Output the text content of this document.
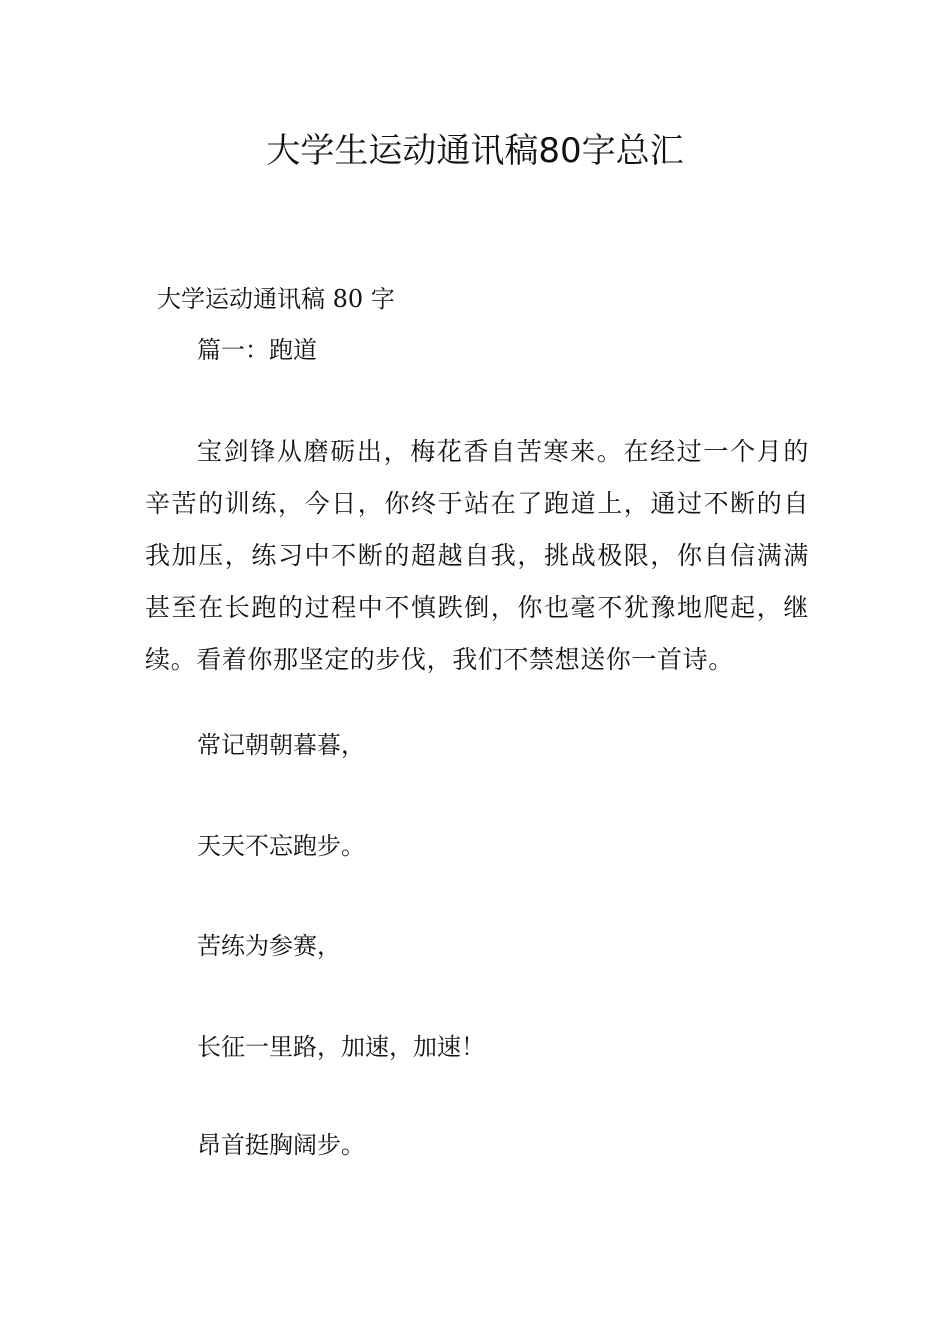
大学生运动通讯稿80字总汇

大学运动通讯稿 80 字

篇一：跑道

宝剑锋从磨砺出，梅花香自苦寒来。在经过一个月的辛苦的训练，今日，你终于站在了跑道上，通过不断的自我加压，练习中不断的超越自我，挑战极限，你自信满满甚至在长跑的过程中不慎跌倒，你也毫不犹豫地爬起，继续。看着你那坚定的步伐，我们不禁想送你一首诗。

常记朝朝暮暮，

天天不忘跑步。

苦练为参赛，

长征一里路，加速，加速！

昂首挺胸阔步。
